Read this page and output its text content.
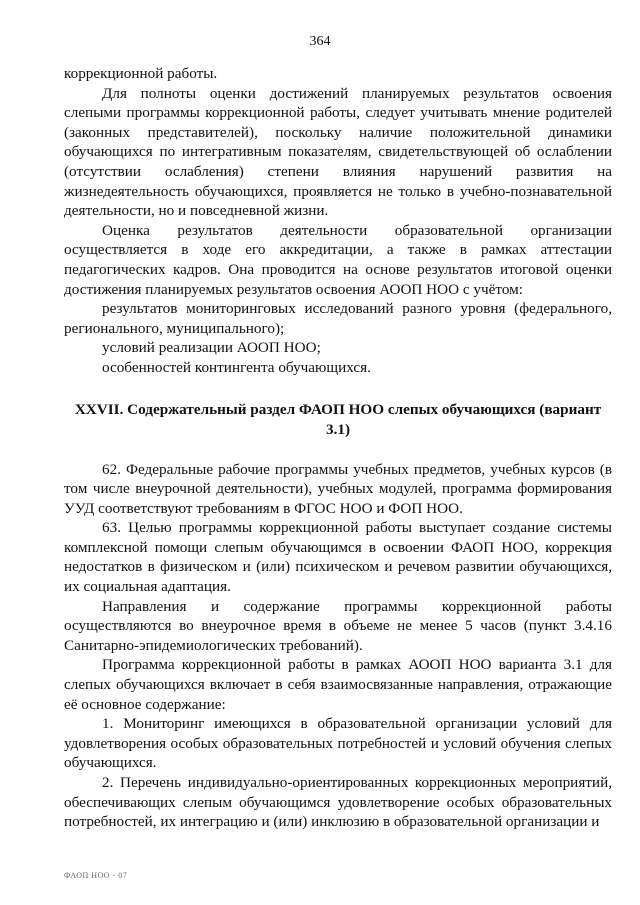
364

коррекционной работы.

Для полноты оценки достижений планируемых результатов освоения слепыми программы коррекционной работы, следует учитывать мнение родителей (законных представителей), поскольку наличие положительной динамики обучающихся по интегративным показателям, свидетельствующей об ослаблении (отсутствии ослабления) степени влияния нарушений развития на жизнедеятельность обучающихся, проявляется не только в учебно-познавательной деятельности, но и повседневной жизни.

Оценка результатов деятельности образовательной организации осуществляется в ходе его аккредитации, а также в рамках аттестации педагогических кадров. Она проводится на основе результатов итоговой оценки достижения планируемых результатов освоения АООП НОО с учётом:

результатов мониторинговых исследований разного уровня (федерального, регионального, муниципального);

условий реализации АООП НОО;

особенностей контингента обучающихся.

XXVII. Содержательный раздел ФАОП НОО слепых обучающихся (вариант 3.1)

62. Федеральные рабочие программы учебных предметов, учебных курсов (в том числе внеурочной деятельности), учебных модулей, программа формирования УУД соответствуют требованиям в ФГОС НОО и ФОП НОО.

63. Целью программы коррекционной работы выступает создание системы комплексной помощи слепым обучающимся в освоении ФАОП НОО, коррекция недостатков в физическом и (или) психическом и речевом развитии обучающихся, их социальная адаптация.

Направления и содержание программы коррекционной работы осуществляются во внеурочное время в объеме не менее 5 часов (пункт 3.4.16 Санитарно-эпидемиологических требований).

Программа коррекционной работы в рамках АООП НОО варианта 3.1 для слепых обучающихся включает в себя взаимосвязанные направления, отражающие её основное содержание:

1. Мониторинг имеющихся в образовательной организации условий для удовлетворения особых образовательных потребностей и условий обучения слепых обучающихся.

2. Перечень индивидуально-ориентированных коррекционных мероприятий, обеспечивающих слепым обучающимся удовлетворение особых образовательных потребностей, их интеграцию и (или) инклюзию в образовательной организации и

ФАОП НОО - 07
